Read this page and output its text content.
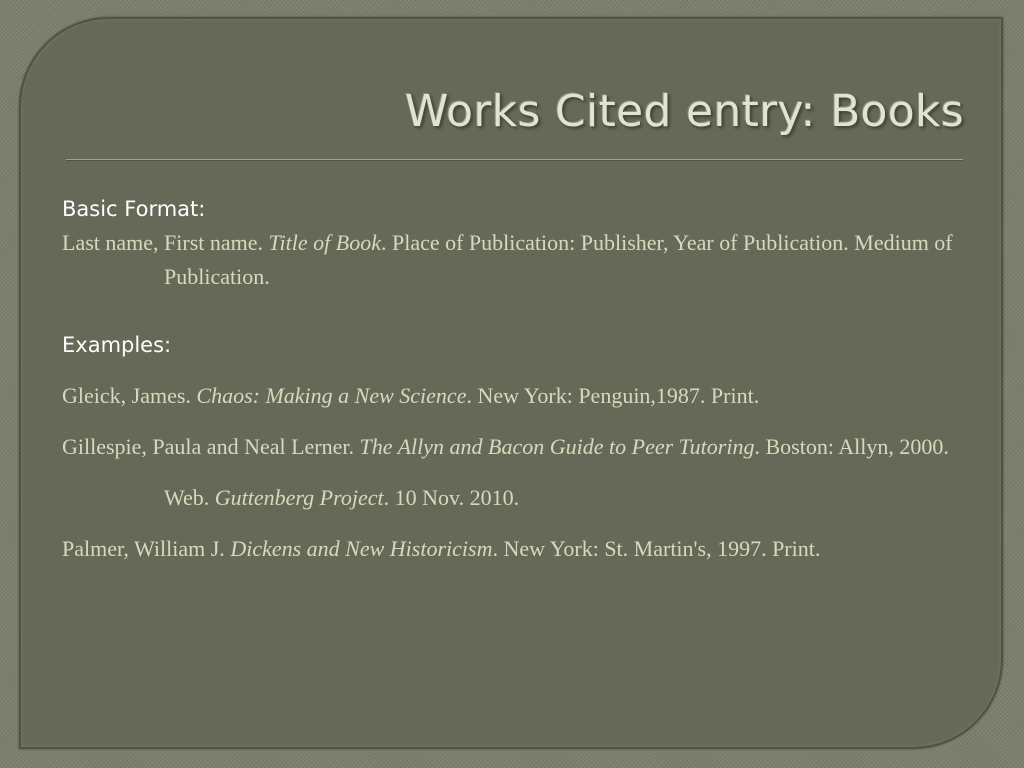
Works Cited entry: Books

Basic Format:

Last name, First name. Title of Book. Place of Publication: Publisher, Year of Publication. Medium of Publication.

Examples:

Gleick, James. Chaos: Making a New Science. New York: Penguin,1987. Print.

Gillespie, Paula and Neal Lerner. The Allyn and Bacon Guide to Peer Tutoring. Boston: Allyn, 2000. Web. Guttenberg Project. 10 Nov. 2010.

Palmer, William J. Dickens and New Historicism. New York: St. Martin's, 1997. Print.
